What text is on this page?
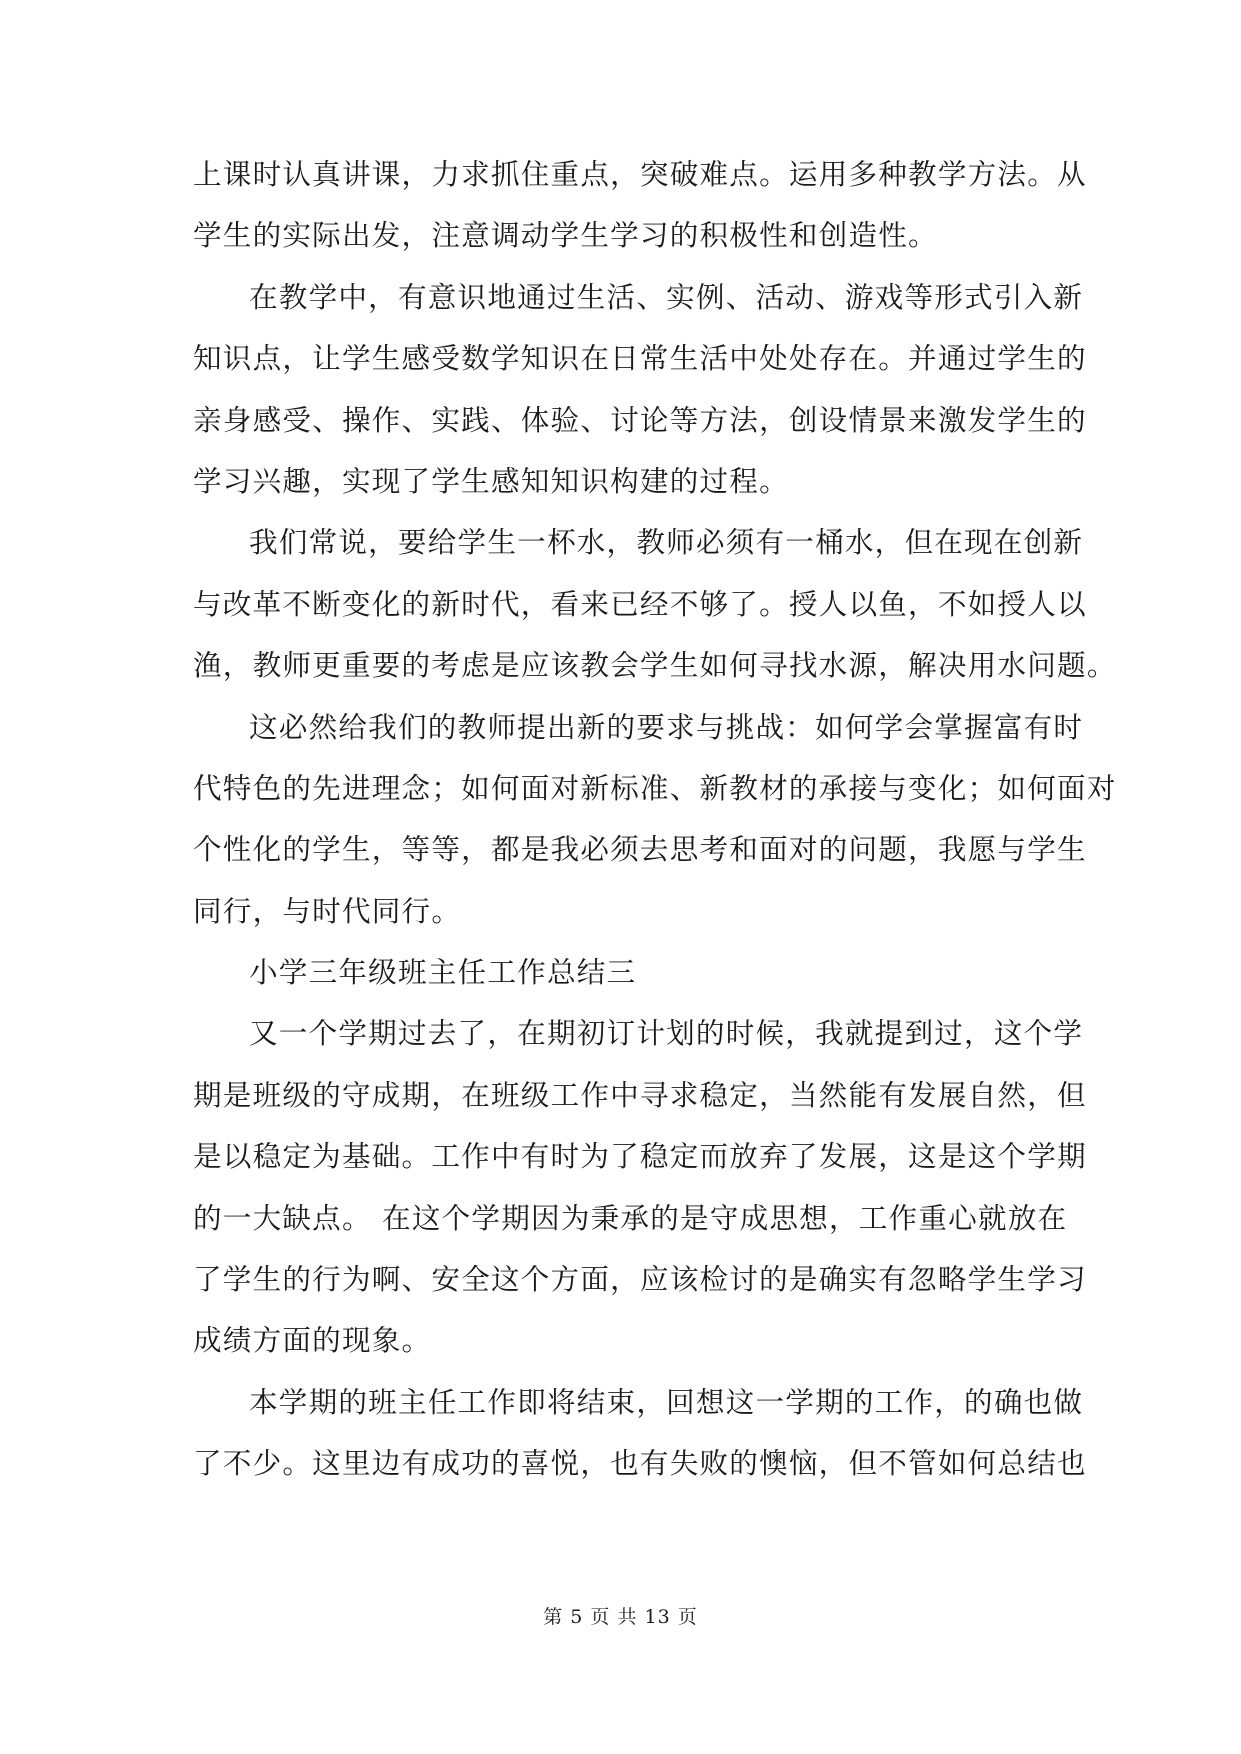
上课时认真讲课，力求抓住重点，突破难点。运用多种教学方法。从
学生的实际出发，注意调动学生学习的积极性和创造性。
在教学中，有意识地通过生活、实例、活动、游戏等形式引入新
知识点，让学生感受数学知识在日常生活中处处存在。并通过学生的
亲身感受、操作、实践、体验、讨论等方法，创设情景来激发学生的
学习兴趣，实现了学生感知知识构建的过程。
我们常说，要给学生一杯水，教师必须有一桶水，但在现在创新
与改革不断变化的新时代，看来已经不够了。授人以鱼，不如授人以
渔，教师更重要的考虑是应该教会学生如何寻找水源，解决用水问题。
这必然给我们的教师提出新的要求与挑战：如何学会掌握富有时
代特色的先进理念；如何面对新标准、新教材的承接与变化；如何面对
个性化的学生，等等，都是我必须去思考和面对的问题，我愿与学生
同行，与时代同行。
小学三年级班主任工作总结三
又一个学期过去了，在期初订计划的时候，我就提到过，这个学
期是班级的守成期，在班级工作中寻求稳定，当然能有发展自然，但
是以稳定为基础。工作中有时为了稳定而放弃了发展，这是这个学期
的一大缺点。 在这个学期因为秉承的是守成思想，工作重心就放在
了学生的行为啊、安全这个方面，应该检讨的是确实有忽略学生学习
成绩方面的现象。
本学期的班主任工作即将结束，回想这一学期的工作，的确也做
了不少。这里边有成功的喜悦，也有失败的懊恼，但不管如何总结也
第 5 页 共 13 页
